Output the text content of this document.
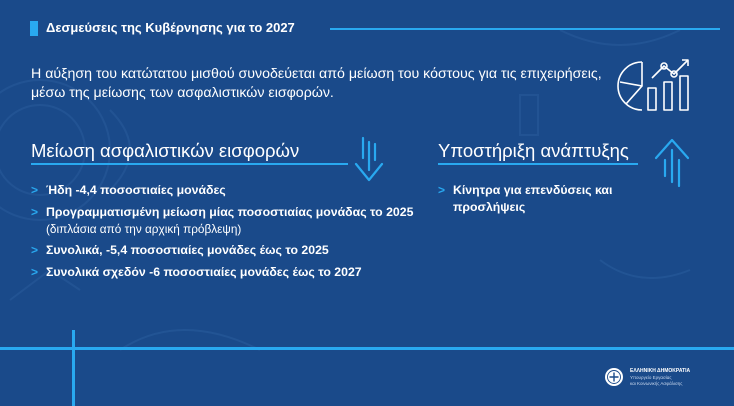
Δεσμεύσεις της Κυβέρνησης για το 2027
Η αύξηση του κατώτατου μισθού συνοδεύεται από μείωση του κόστους για τις επιχειρήσεις, μέσω της μείωσης των ασφαλιστικών εισφορών.
Μείωση ασφαλιστικών εισφορών
> Ήδη -4,4 ποσοστιαίες μονάδες
> Προγραμματισμένη μείωση μίας ποσοστιαίας μονάδας το 2025
(διπλάσια από την αρχική πρόβλεψη)
> Συνολικά, -5,4 ποσοστιαίες μονάδες έως το 2025
> Συνολικά σχεδόν -6 ποσοστιαίες μονάδες έως το 2027
Υποστήριξη ανάπτυξης
> Κίνητρα για επενδύσεις και προσλήψεις
ΕΛΛΗΝΙΚΗ ΔΗΜΟΚΡΑΤΙΑ
Υπουργείο Εργασίας
και Κοινωνικής Ασφάλισης
